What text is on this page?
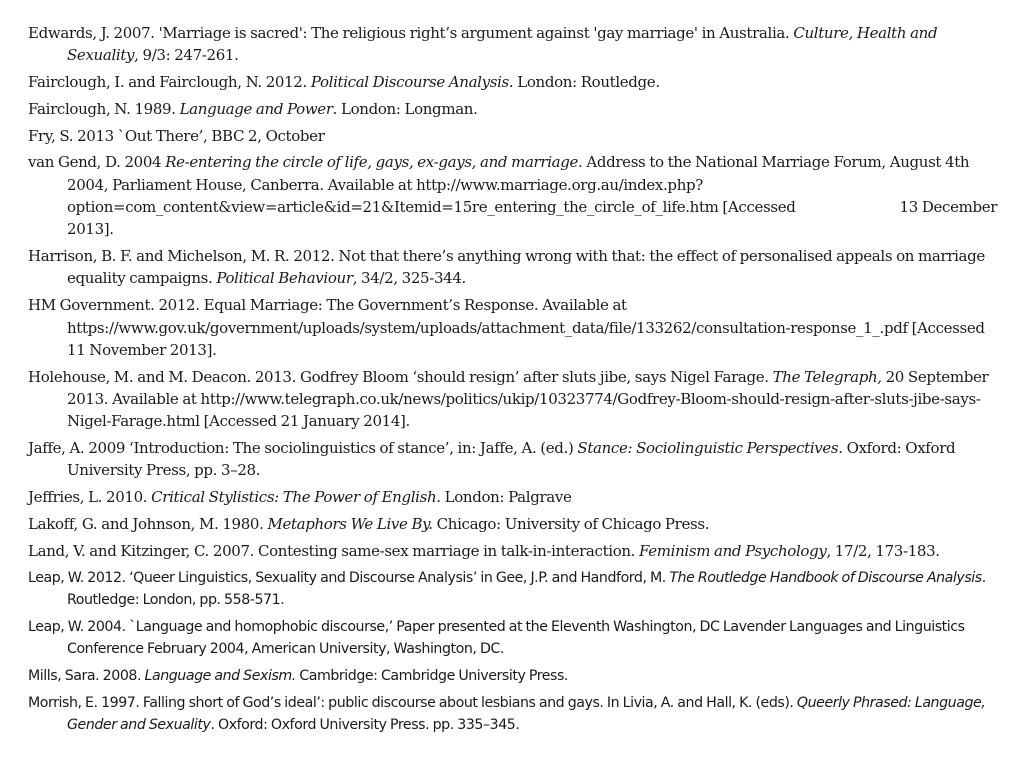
Edwards, J. 2007. 'Marriage is sacred': The religious right’s argument against 'gay marriage' in Australia. Culture, Health and Sexuality, 9/3: 247-261.

Fairclough, I. and Fairclough, N. 2012. Political Discourse Analysis. London: Routledge.

Fairclough, N. 1989. Language and Power. London: Longman.

Fry, S. 2013 `Out There’, BBC 2, October

van Gend, D. 2004 Re-entering the circle of life, gays, ex-gays, and marriage. Address to the National Marriage Forum, August 4th 2004, Parliament House, Canberra. Available at http://www.marriage.org.au/index.php?option=com_content&view=article&id=21&Itemid=15re_entering_the_circle_of_life.htm [Accessed	13 December 2013].

Harrison, B. F. and Michelson, M. R. 2012. Not that there’s anything wrong with that: the effect of personalised appeals on marriage equality campaigns. Political Behaviour, 34/2, 325-344.

HM Government. 2012. Equal Marriage: The Government’s Response. Available at https://www.gov.uk/government/uploads/system/uploads/attachment_data/file/133262/consultation-response_1_.pdf [Accessed 11 November 2013].

Holehouse, M. and M. Deacon. 2013. Godfrey Bloom ‘should resign’ after sluts jibe, says Nigel Farage. The Telegraph, 20 September 2013. Available at http://www.telegraph.co.uk/news/politics/ukip/10323774/Godfrey-Bloom-should-resign-after-sluts-jibe-says-Nigel-Farage.html [Accessed 21 January 2014].

Jaffe, A. 2009 ‘Introduction: The sociolinguistics of stance’, in: Jaffe, A. (ed.) Stance: Sociolinguistic Perspectives. Oxford: Oxford University Press, pp. 3–28.

Jeffries, L. 2010. Critical Stylistics: The Power of English. London: Palgrave

Lakoff, G. and Johnson, M. 1980. Metaphors We Live By. Chicago: University of Chicago Press.

Land, V. and Kitzinger, C. 2007. Contesting same-sex marriage in talk-in-interaction. Feminism and Psychology, 17/2, 173-183.

Leap, W. 2012. ‘Queer Linguistics, Sexuality and Discourse Analysis’ in Gee, J.P. and Handford, M. The Routledge Handbook of Discourse Analysis. Routledge: London, pp. 558-571.

Leap, W. 2004. `Language and homophobic discourse,’ Paper presented at the Eleventh Washington, DC Lavender Languages and Linguistics Conference February 2004, American University, Washington, DC.

Mills, Sara. 2008. Language and Sexism. Cambridge: Cambridge University Press.

Morrish, E. 1997. Falling short of God’s ideal’: public discourse about lesbians and gays. In Livia, A. and Hall, K. (eds). Queerly Phrased: Language, Gender and Sexuality. Oxford: Oxford University Press. pp. 335–345.
